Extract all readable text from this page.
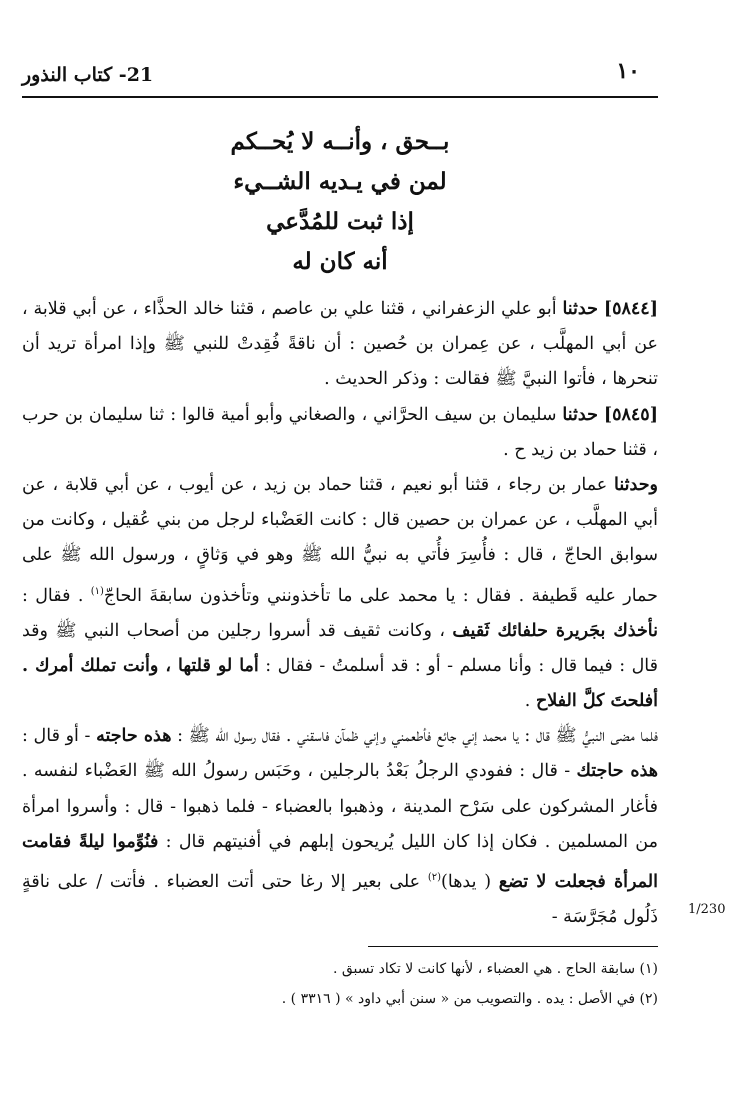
١٠
21- كتاب النذور
بــحق ، وأنــه لا يُحــكم
لمن في يـديه الشــيء
إذا ثبت للمُدَّعي
أنه كان له

[٥٨٤٤] حدثنا أبو علي الزعفراني ، قثنا علي بن عاصم ، قثنا خالد الحذَّاء ، عن أبي قلابة ، عن أبي المهلَّب ، عن عِمران بن حُصين : أن ناقةً فُقِدتْ للنبي ﷺ وإذا امرأة تريد أن تنحرها ، فأتوا النبيَّ ﷺ فقالت : وذكر الحديث .

[٥٨٤٥] حدثنا سليمان بن سيف الحرَّاني ، والصغاني وأبو أمية قالوا : ثنا سليمان بن حرب ، قثنا حماد بن زيد ح .

وحدثنا عمار بن رجاء ، قثنا أبو نعيم ، قثنا حماد بن زيد ، عن أيوب ، عن أبي قلابة ، عن أبي المهلَّب ، عن عمران بن حصين قال : كانت العَضْباء لرجل من بني عُقيل ، وكانت من سوابق الحاجّ ، قال : فأُسِرَ فأُتي به نبيُّ الله ﷺ وهو في وَثاقٍ ، ورسول الله ﷺ على حمار عليه قَطيفة . فقال : يا محمد على ما تأخذونني وتأخذون سابقةَ الحاجّ$^{(١)}$ . فقال : نأخذك بجَريرة حلفائك ثَقيف ، وكانت ثقيف قد أسروا رجلين من أصحاب النبي ﷺ وقد قال : فيما قال : وأنا مسلم - أو : قد أسلمتُ - فقال : أما لو قلتها ، وأنت تملك أمرك . أفلحتَ كلَّ الفلاح .

فلما مضى النبيُّ ﷺ قال : يا محمد إني جائع فأطعمني وإني ظمآن فاسقني . فقال رسول الله ﷺ : هذه حاجته - أو قال : هذه حاجتك - قال : ففودي الرجلُ بَعْدُ بالرجلين ، وحَبَس رسولُ الله ﷺ العَضْباء لنفسه . فأغار المشركون على سَرْح المدينة ، وذهبوا بالعضباء - فلما ذهبوا - قال : وأسروا امرأة من المسلمين . فكان إذا كان الليل يُريحون إبلهم في أفنيتهم قال : فنُوِّموا ليلةً فقامت المرأة فجعلت لا تضع ( يدها)$^{(٢)}$ على بعير إلا رغا حتى أتت العضباء . فأتت / على ناقةٍ ذَلُول مُجَرَّسَة - 1/230

(١) سابقة الحاج . هي العضباء ، لأنها كانت لا تكاد تسبق .

(٢) في الأصل : يده . والتصويب من « سنن أبي داود » ( ٣٣١٦ ) .
